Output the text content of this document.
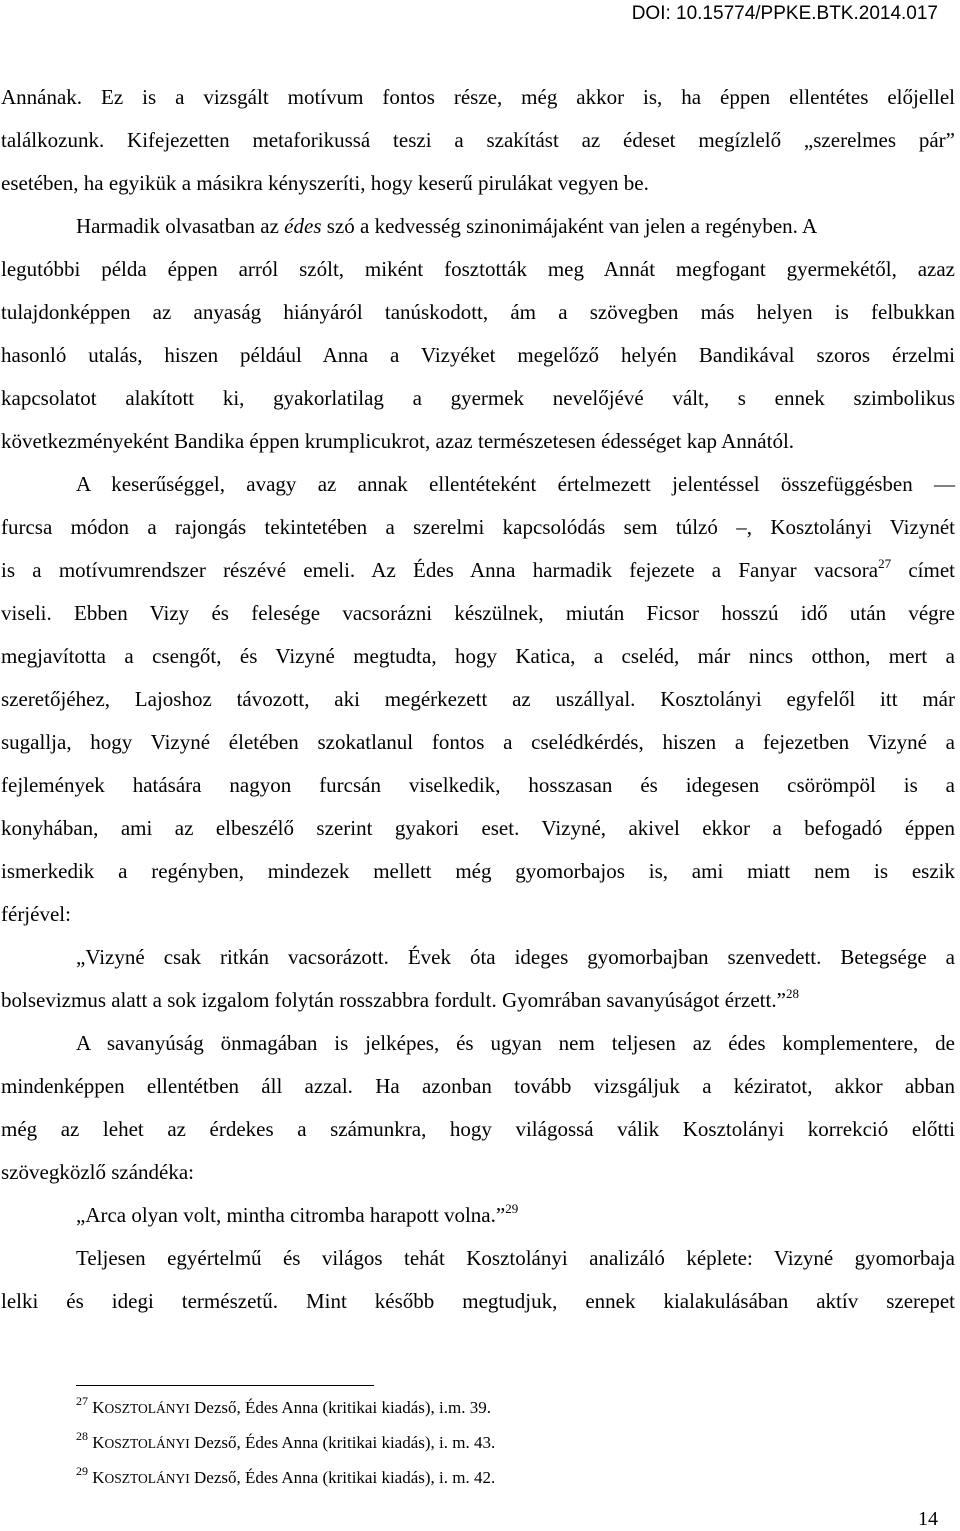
DOI: 10.15774/PPKE.BTK.2014.017
Annának. Ez is a vizsgált motívum fontos része, még akkor is, ha éppen ellentétes előjellel
találkozunk. Kifejezetten metaforikussá teszi a szakítást az édeset megízlelő „szerelmes pár”
esetében, ha egyikük a másikra kényszeríti, hogy keserű pirulákat vegyen be.
Harmadik olvasatban az édes szó a kedvesség szinonimájaként van jelen a regényben. A
legutóbbi példa éppen arról szólt, miként fosztották meg Annát megfogant gyermekétől, azaz
tulajdonképpen az anyaság hiányáról tanúskodott, ám a szövegben más helyen is felbukkan
hasonló utalás, hiszen például Anna a Vizyéket megelőző helyén Bandikával szoros érzelmi
kapcsolatot alakított ki, gyakorlatilag a gyermek nevelőjévé vált, s ennek szimbolikus
következményeként Bandika éppen krumplicukrot, azaz természetesen édességet kap Annától.
A keserűséggel, avagy az annak ellentéteként értelmezett jelentéssel összefüggésben —
furcsa módon a rajongás tekintetében a szerelmi kapcsolódás sem túlzó –, Kosztolányi Vizynét
is a motívumrendszer részévé emeli. Az Édes Anna harmadik fejezete a Fanyar vacsora$^{27}$ címet
viseli. Ebben Vizy és felesége vacsorázni készülnek, miután Ficsor hosszú idő után végre
megjavította a csengőt, és Vizyné megtudta, hogy Katica, a cseléd, már nincs otthon, mert a
szeretőjéhez, Lajoshoz távozott, aki megérkezett az uszállyal. Kosztolányi egyfelől itt már
sugallja, hogy Vizyné életében szokatlanul fontos a cselédkérdés, hiszen a fejezetben Vizyné a
fejlemények hatására nagyon furcsán viselkedik, hosszasan és idegesen csörömpöl is a
konyhában, ami az elbeszélő szerint gyakori eset. Vizyné, akivel ekkor a befogadó éppen
ismerkedik a regényben, mindezek mellett még gyomorbajos is, ami miatt nem is eszik
férjével:
„Vizyné csak ritkán vacsorázott. Évek óta ideges gyomorbajban szenvedett. Betegsége a
bolsevizmus alatt a sok izgalom folytán rosszabbra fordult. Gyomrában savanyúságot érzett.”$^{28}$
A savanyúság önmagában is jelképes, és ugyan nem teljesen az édes komplementere, de
mindenképpen ellentétben áll azzal. Ha azonban tovább vizsgáljuk a kéziratot, akkor abban
még az lehet az érdekes a számunkra, hogy világossá válik Kosztolányi korrekció előtti
szövegközlő szándéka:
„Arca olyan volt, mintha citromba harapott volna.”$^{29}$
Teljesen egyértelmű és világos tehát Kosztolányi analizáló képlete: Vizyné gyomorbaja
lelki és idegi természetű. Mint később megtudjuk, ennek kialakulásában aktív szerepet
$^{27}$ KOSZTOLÁNYI Dezső, Édes Anna (kritikai kiadás), i.m. 39.
$^{28}$ KOSZTOLÁNYI Dezső, Édes Anna (kritikai kiadás), i. m. 43.
$^{29}$ KOSZTOLÁNYI Dezső, Édes Anna (kritikai kiadás), i. m. 42.
14
